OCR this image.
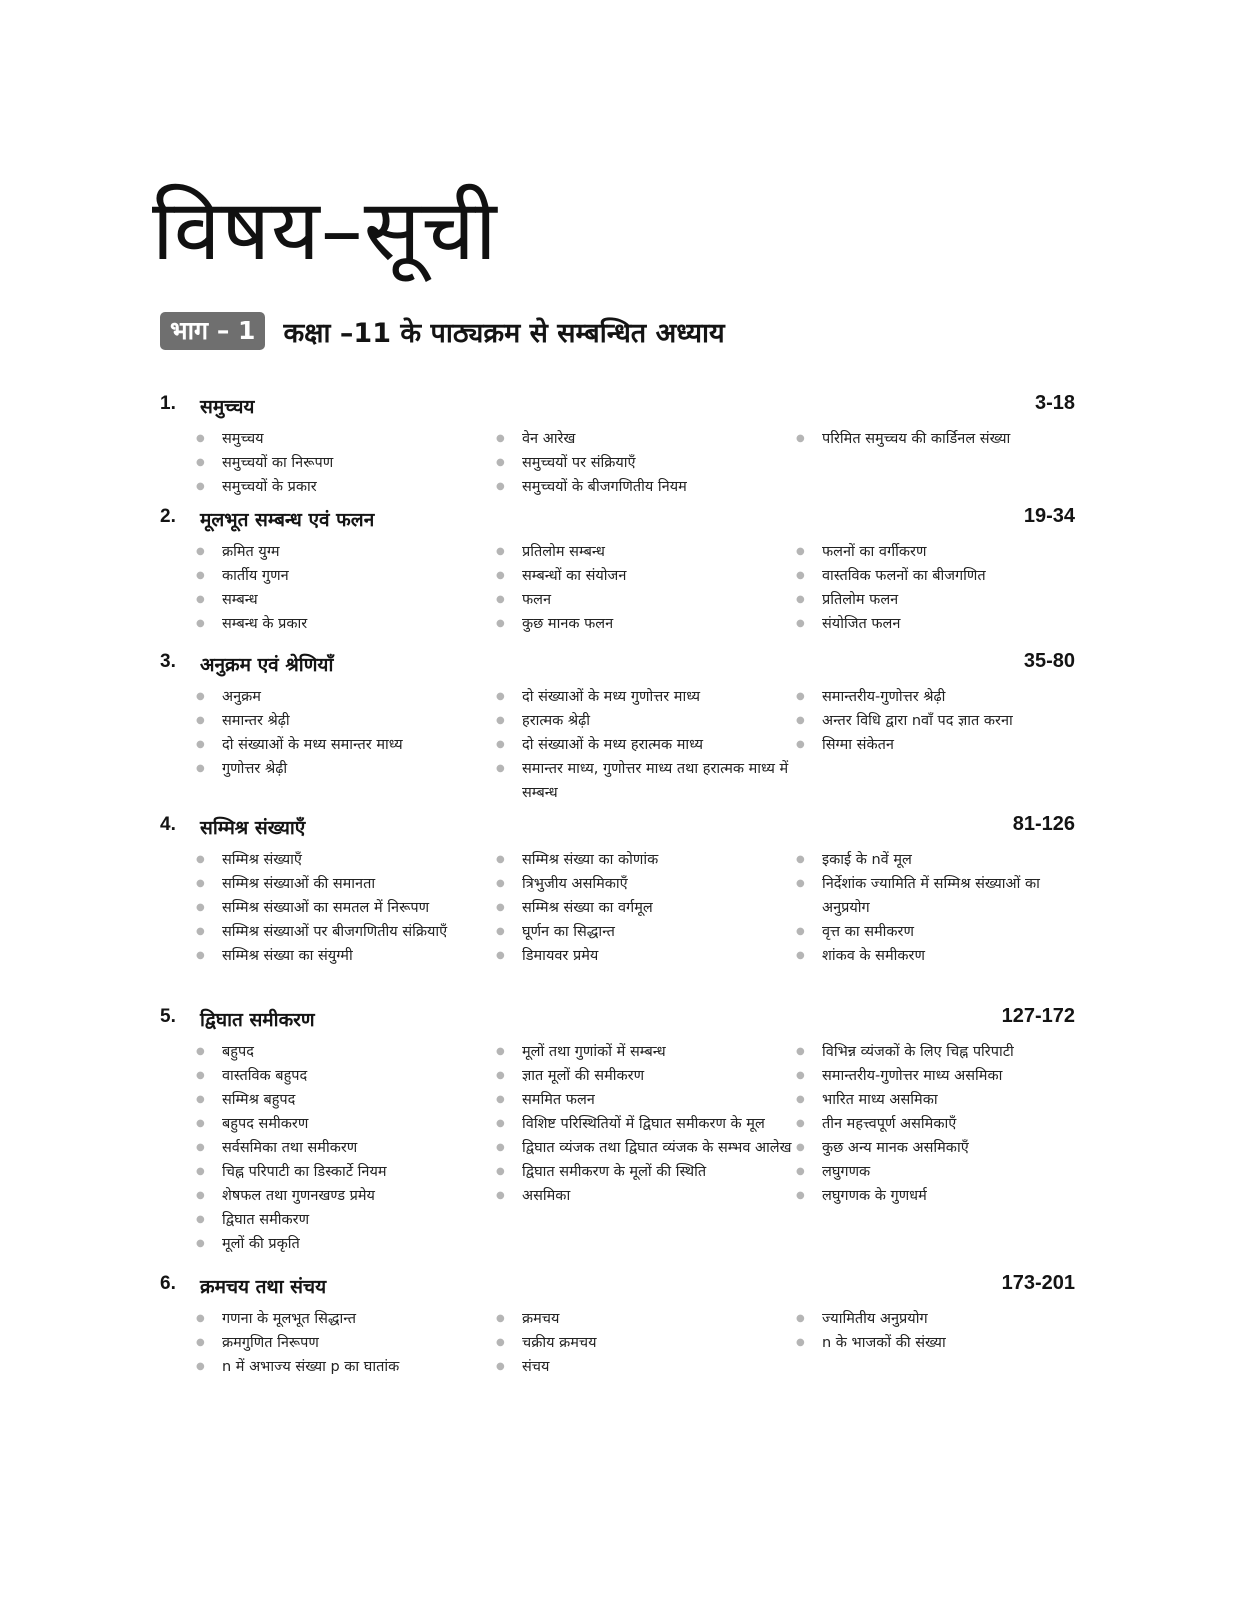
विषय–सूची
भाग – 1	कक्षा –11 के पाठ्यक्रम से सम्बन्धित अध्याय
1.	समुच्चय	3-18
●	समुच्चय
●	समुच्चयों का निरूपण
●	समुच्चयों के प्रकार
●	वेन आरेख
●	समुच्चयों पर संक्रियाएँ
●	समुच्चयों के बीजगणितीय नियम
●	परिमित समुच्चय की कार्डिनल संख्या
2.	मूलभूत सम्बन्ध एवं फलन	19-34
●	क्रमित युग्म
●	कार्तीय गुणन
●	सम्बन्ध
●	सम्बन्ध के प्रकार
●	प्रतिलोम सम्बन्ध
●	सम्बन्धों का संयोजन
●	फलन
●	कुछ मानक फलन
●	फलनों का वर्गीकरण
●	वास्तविक फलनों का बीजगणित
●	प्रतिलोम फलन
●	संयोजित फलन
3.	अनुक्रम एवं श्रेणियाँ	35-80
●	अनुक्रम
●	समान्तर श्रेढ़ी
●	दो संख्याओं के मध्य समान्तर माध्य
●	गुणोत्तर श्रेढ़ी
●	दो संख्याओं के मध्य गुणोत्तर माध्य
●	हरात्मक श्रेढ़ी
●	दो संख्याओं के मध्य हरात्मक माध्य
●	समान्तर माध्य, गुणोत्तर माध्य तथा हरात्मक माध्य में सम्बन्ध
●	समान्तरीय-गुणोत्तर श्रेढ़ी
●	अन्तर विधि द्वारा nवाँ पद ज्ञात करना
●	सिग्मा संकेतन
4.	सम्मिश्र संख्याएँ	81-126
●	सम्मिश्र संख्याएँ
●	सम्मिश्र संख्याओं की समानता
●	सम्मिश्र संख्याओं का समतल में निरूपण
●	सम्मिश्र संख्याओं पर बीजगणितीय संक्रियाएँ
●	सम्मिश्र संख्या का संयुग्मी
●	सम्मिश्र संख्या का कोणांक
●	त्रिभुजीय असमिकाएँ
●	सम्मिश्र संख्या का वर्गमूल
●	घूर्णन का सिद्धान्त
●	डिमायवर प्रमेय
●	इकाई के nवें मूल
●	निर्देशांक ज्यामिति में सम्मिश्र संख्याओं का अनुप्रयोग
●	वृत्त का समीकरण
●	शांकव के समीकरण
5.	द्विघात समीकरण	127-172
●	बहुपद
●	वास्तविक बहुपद
●	सम्मिश्र बहुपद
●	बहुपद समीकरण
●	सर्वसमिका तथा समीकरण
●	चिह्न परिपाटी का डिस्कार्टे नियम
●	शेषफल तथा गुणनखण्ड प्रमेय
●	द्विघात समीकरण
●	मूलों की प्रकृति
●	मूलों तथा गुणांकों में सम्बन्ध
●	ज्ञात मूलों की समीकरण
●	सममित फलन
●	विशिष्ट परिस्थितियों में द्विघात समीकरण के मूल
●	द्विघात व्यंजक तथा द्विघात व्यंजक के सम्भव आलेख
●	द्विघात समीकरण के मूलों की स्थिति
●	असमिका
●	विभिन्न व्यंजकों के लिए चिह्न परिपाटी
●	समान्तरीय-गुणोत्तर माध्य असमिका
●	भारित माध्य असमिका
●	तीन महत्त्वपूर्ण असमिकाएँ
●	कुछ अन्य मानक असमिकाएँ
●	लघुगणक
●	लघुगणक के गुणधर्म
6.	क्रमचय तथा संचय	173-201
●	गणना के मूलभूत सिद्धान्त
●	क्रमगुणित निरूपण
●	n में अभाज्य संख्या p का घातांक
●	क्रमचय
●	चक्रीय क्रमचय
●	संचय
●	ज्यामितीय अनुप्रयोग
●	n के भाजकों की संख्या
